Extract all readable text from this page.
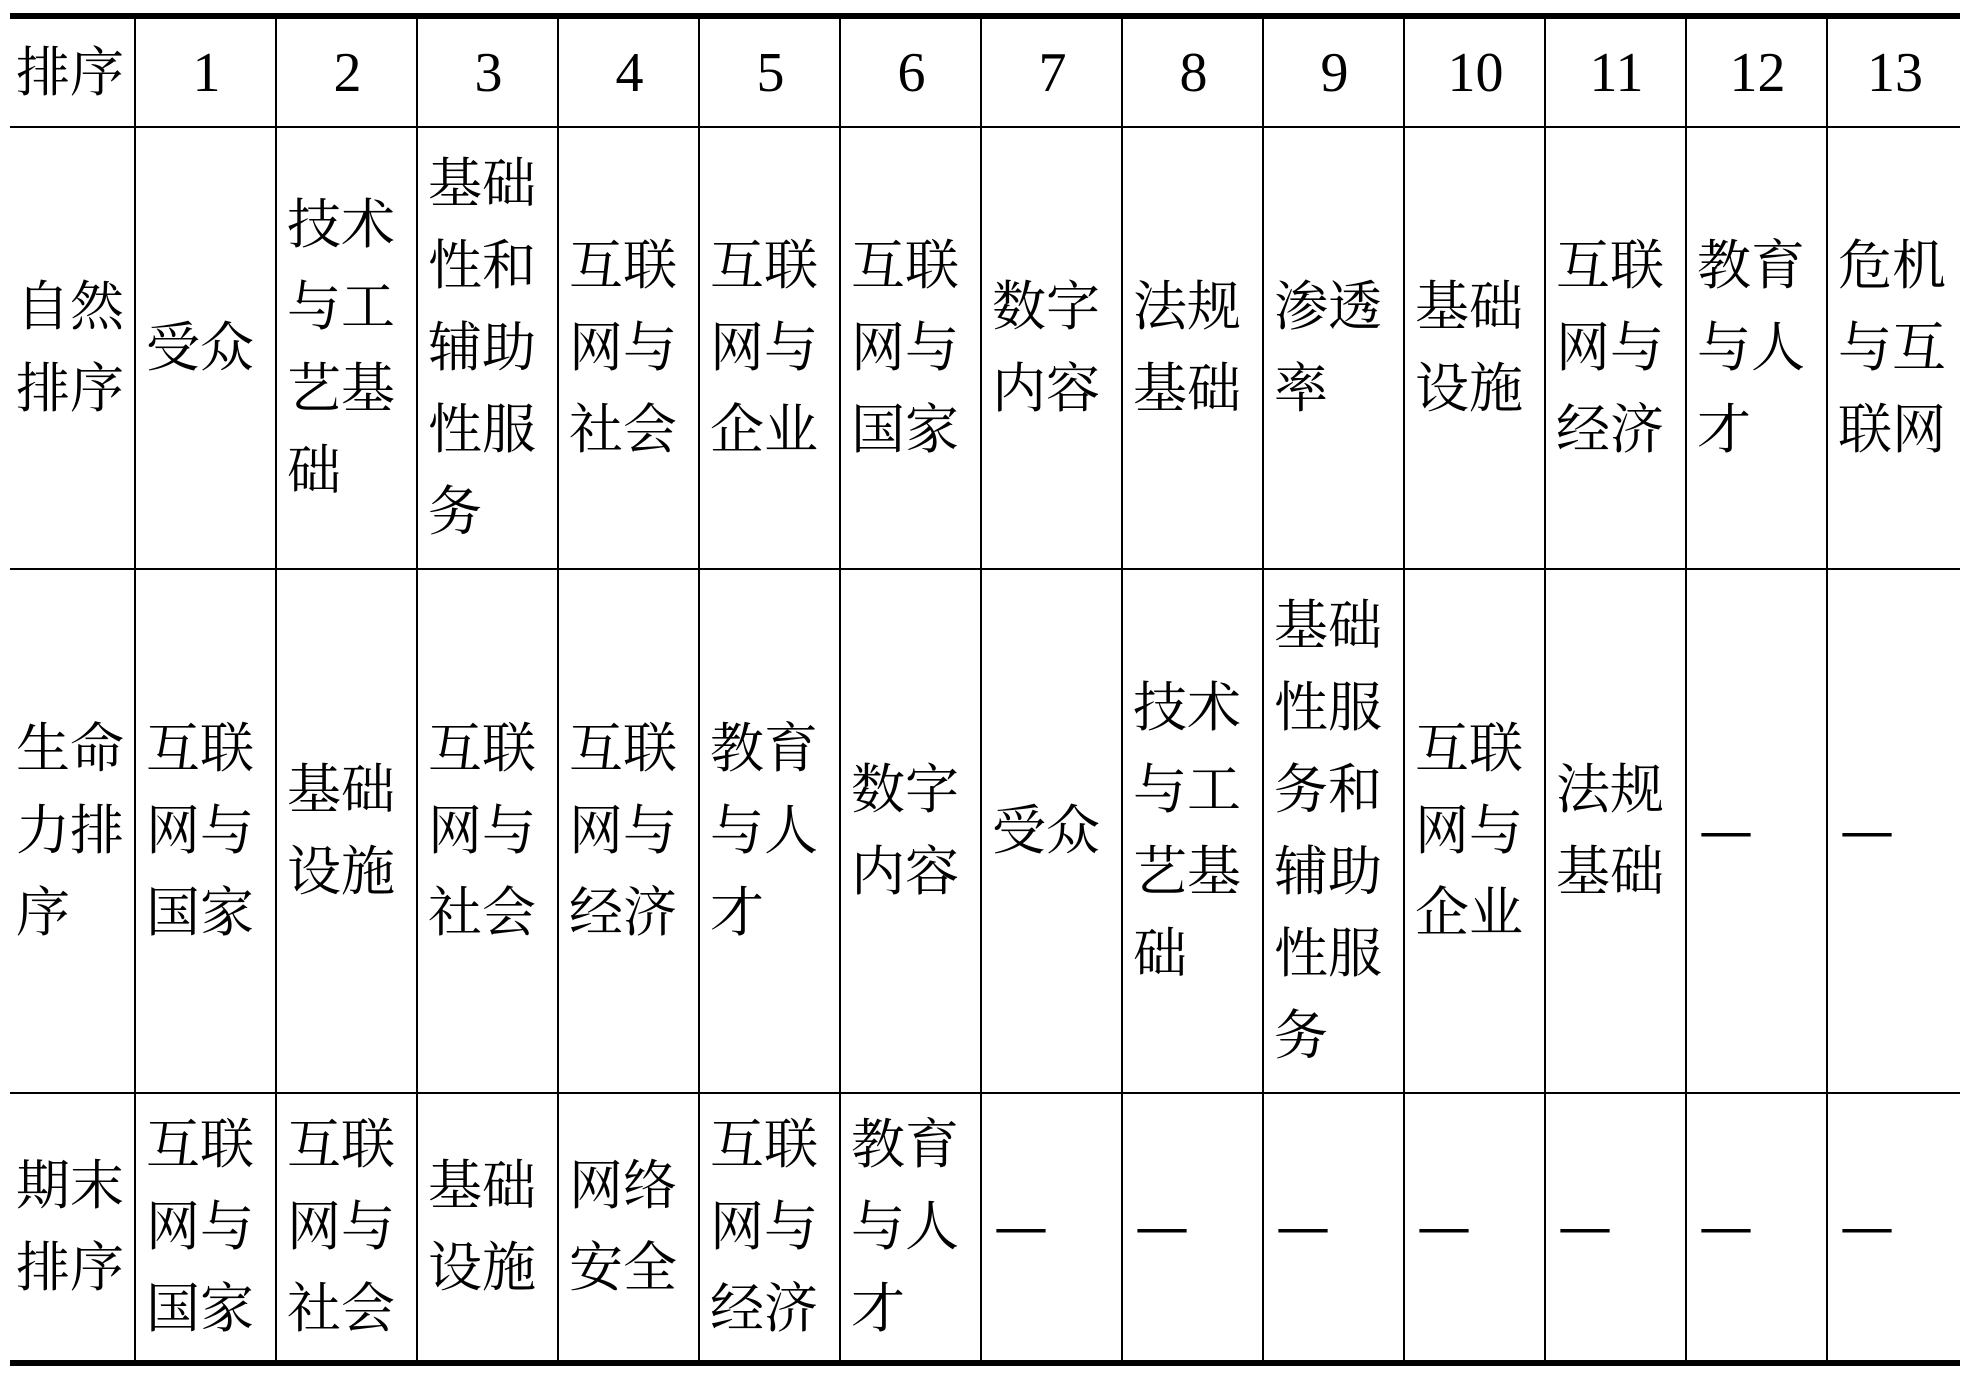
排序	1	2	3	4	5	6	7	8	9	10	11	12	13
自然排序	受众	技术与工艺基础	基础性和辅助性服务	互联网与社会	互联网与企业	互联网与国家	数字内容	法规基础	渗透率	基础设施	互联网与经济	教育与人才	危机与互联网
生命力排序	互联网与国家	基础设施	互联网与社会	互联网与经济	教育与人才	数字内容	受众	技术与工艺基础	基础性服务和辅助性服务	互联网与企业	法规基础	—	—
期末排序	互联网与国家	互联网与社会	基础设施	网络安全	互联网与经济	教育与人才	—	—	—	—	—	—	—
